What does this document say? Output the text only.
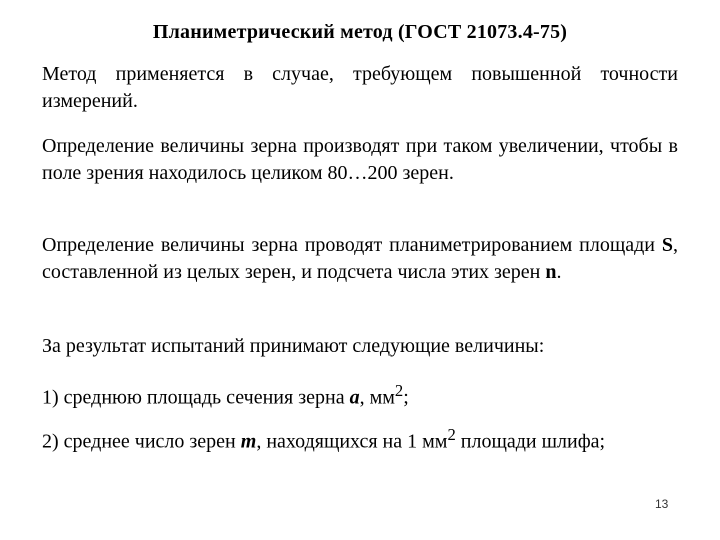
Планиметрический метод (ГОСТ 21073.4-75)

Метод применяется в случае, требующем повышенной точности измерений.

Определение величины зерна производят при таком увеличении, чтобы в поле зрения находилось целиком 80…200 зерен.

Определение величины зерна проводят планиметрированием площади S, составленной из целых зерен, и подсчета числа этих зерен n.

За результат испытаний принимают следующие величины:

1) среднюю площадь сечения зерна a, $мм^2$;

2) среднее число зерен m, находящихся на 1 $мм^2$ площади шлифа;

13
